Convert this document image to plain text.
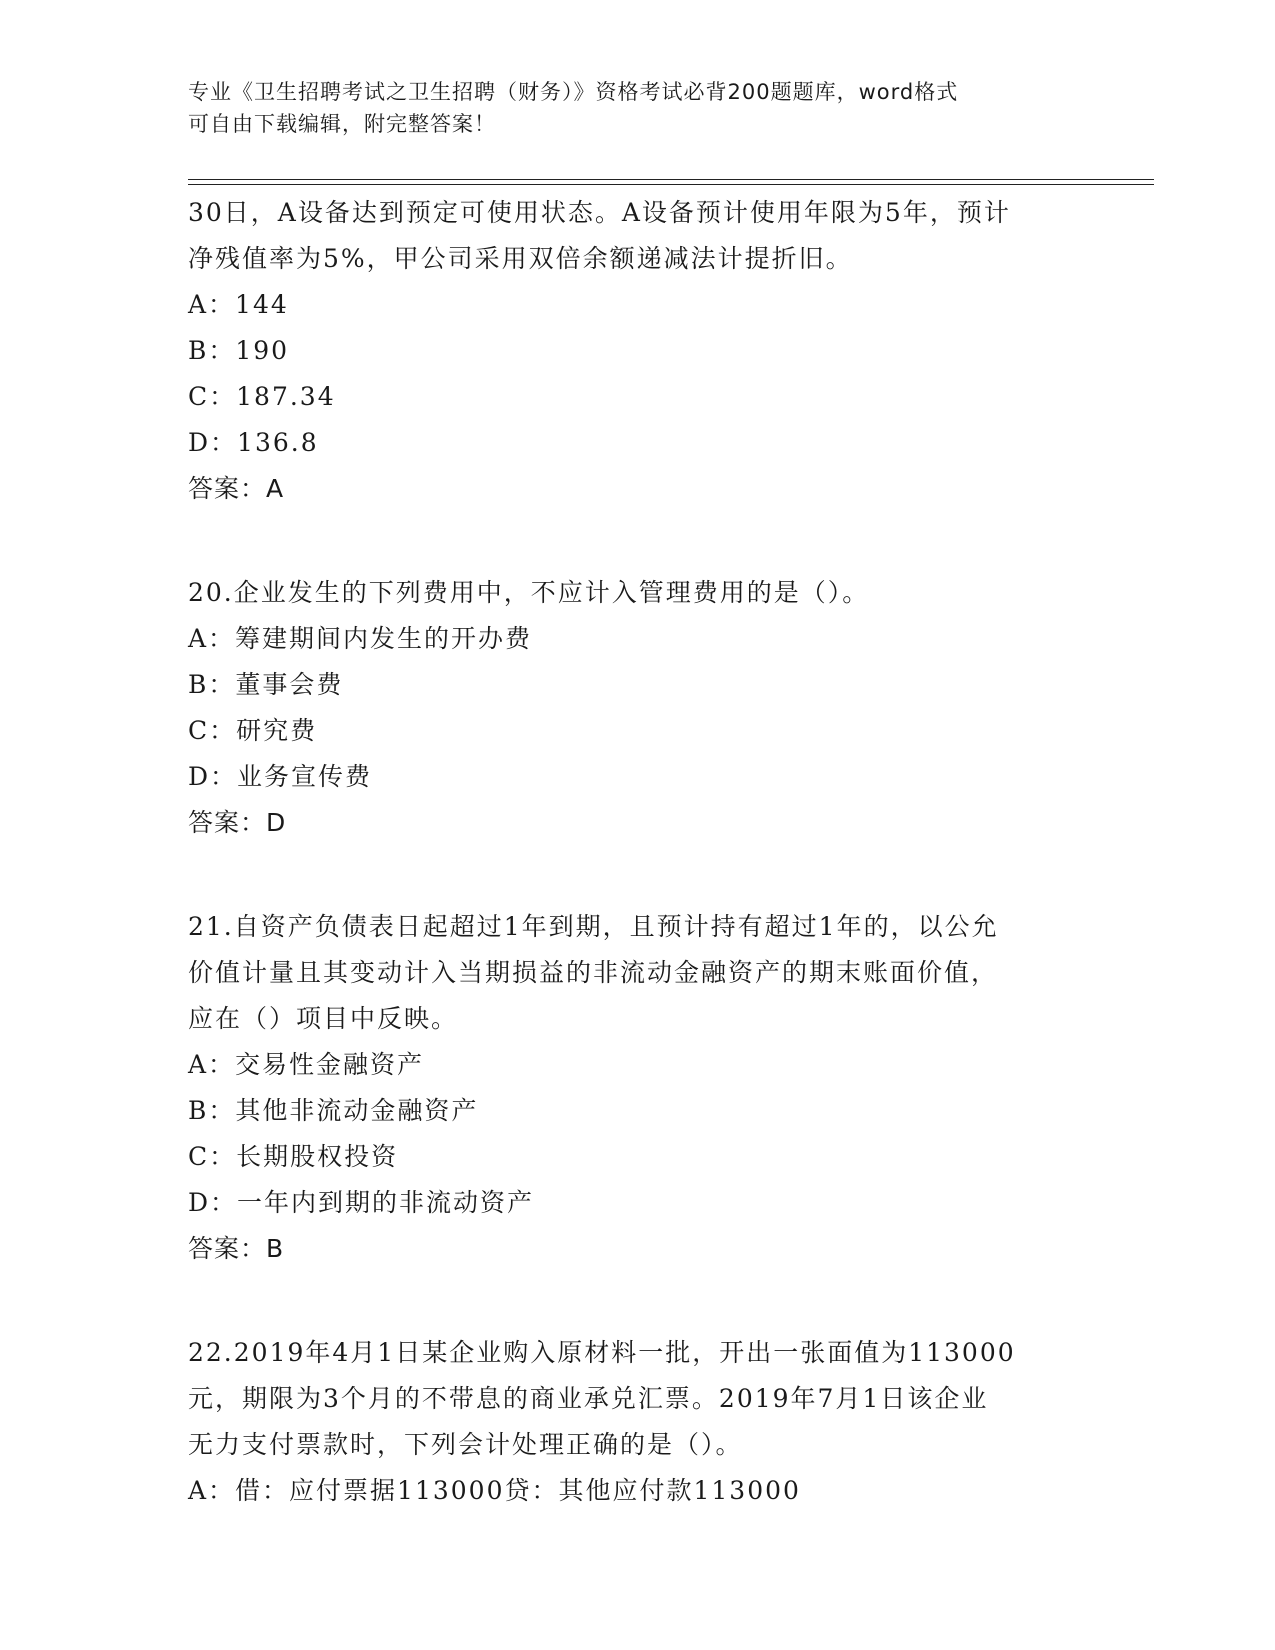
专业《卫生招聘考试之卫生招聘（财务）》资格考试必背200题题库，word格式
可自由下载编辑，附完整答案！
30日，A设备达到预定可使用状态。A设备预计使用年限为5年，预计
净残值率为5%，甲公司采用双倍余额递减法计提折旧。
A：144
B：190
C：187.34
D：136.8
答案：A
20.企业发生的下列费用中，不应计入管理费用的是（）。
A：筹建期间内发生的开办费
B：董事会费
C：研究费
D：业务宣传费
答案：D
21.自资产负债表日起超过1年到期，且预计持有超过1年的，以公允
价值计量且其变动计入当期损益的非流动金融资产的期末账面价值，
应在（）项目中反映。
A：交易性金融资产
B：其他非流动金融资产
C：长期股权投资
D：一年内到期的非流动资产
答案：B
22.2019年4月1日某企业购入原材料一批，开出一张面值为113000
元，期限为3个月的不带息的商业承兑汇票。2019年7月1日该企业
无力支付票款时，下列会计处理正确的是（）。
A：借：应付票据113000贷：其他应付款113000
